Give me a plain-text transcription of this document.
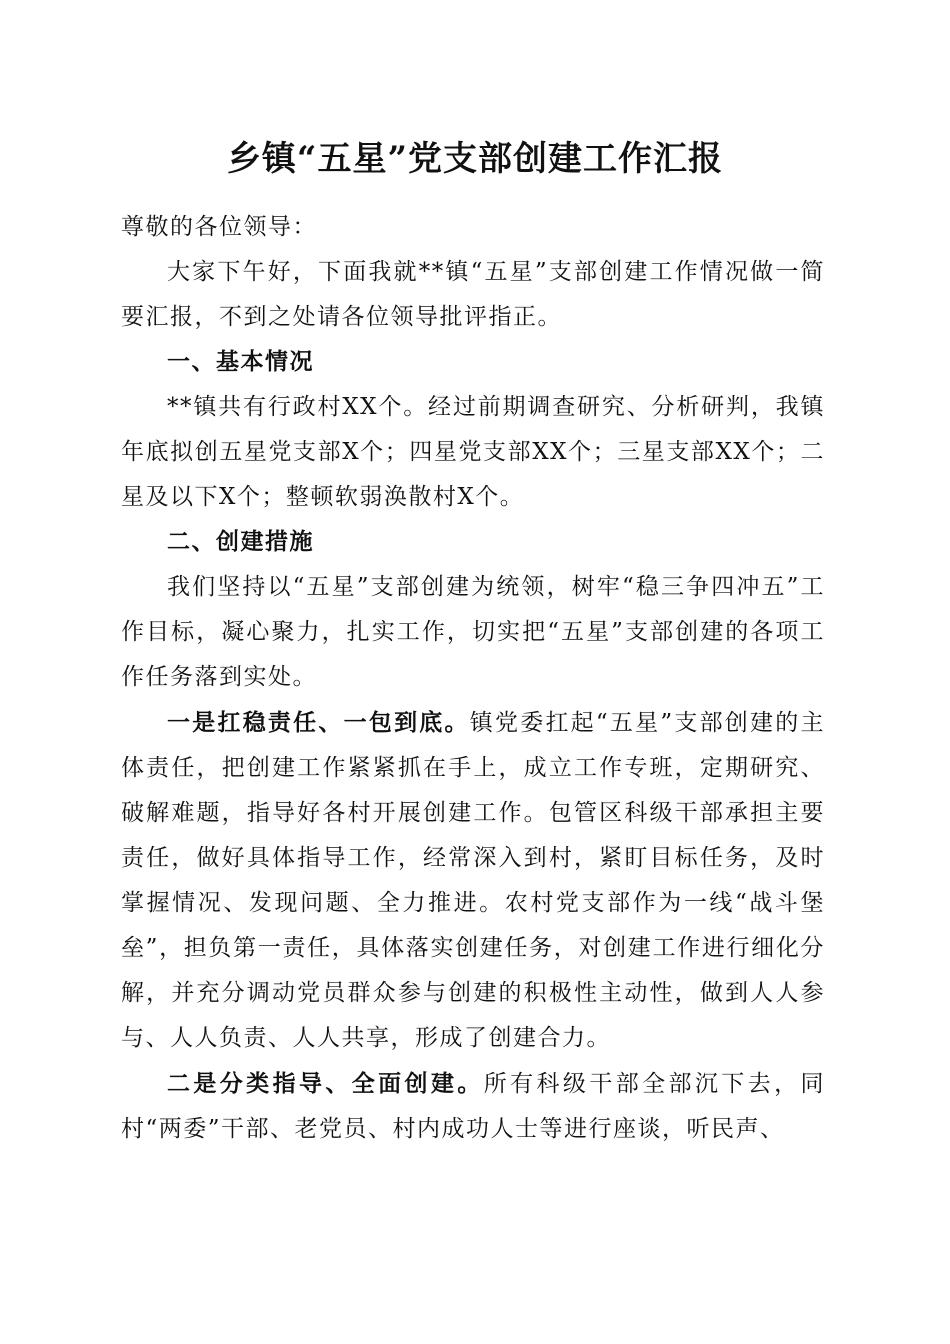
乡镇“五星”党支部创建工作汇报

尊敬的各位领导：

大家下午好，下面我就**镇“五星”支部创建工作情况做一简要汇报，不到之处请各位领导批评指正。

一、基本情况

**镇共有行政村XX个。经过前期调查研究、分析研判，我镇年底拟创五星党支部X个；四星党支部XX个；三星支部XX个；二星及以下X个；整顿软弱涣散村X个。

二、创建措施

我们坚持以“五星”支部创建为统领，树牢“稳三争四冲五”工作目标，凝心聚力，扎实工作，切实把“五星”支部创建的各项工作任务落到实处。

一是扛稳责任、一包到底。镇党委扛起“五星”支部创建的主体责任，把创建工作紧紧抓在手上，成立工作专班，定期研究、破解难题，指导好各村开展创建工作。包管区科级干部承担主要责任，做好具体指导工作，经常深入到村，紧盯目标任务，及时掌握情况、发现问题、全力推进。农村党支部作为一线“战斗堡垒”，担负第一责任，具体落实创建任务，对创建工作进行细化分解，并充分调动党员群众参与创建的积极性主动性，做到人人参与、人人负责、人人共享，形成了创建合力。

二是分类指导、全面创建。所有科级干部全部沉下去，同村“两委”干部、老党员、村内成功人士等进行座谈，听民声、
